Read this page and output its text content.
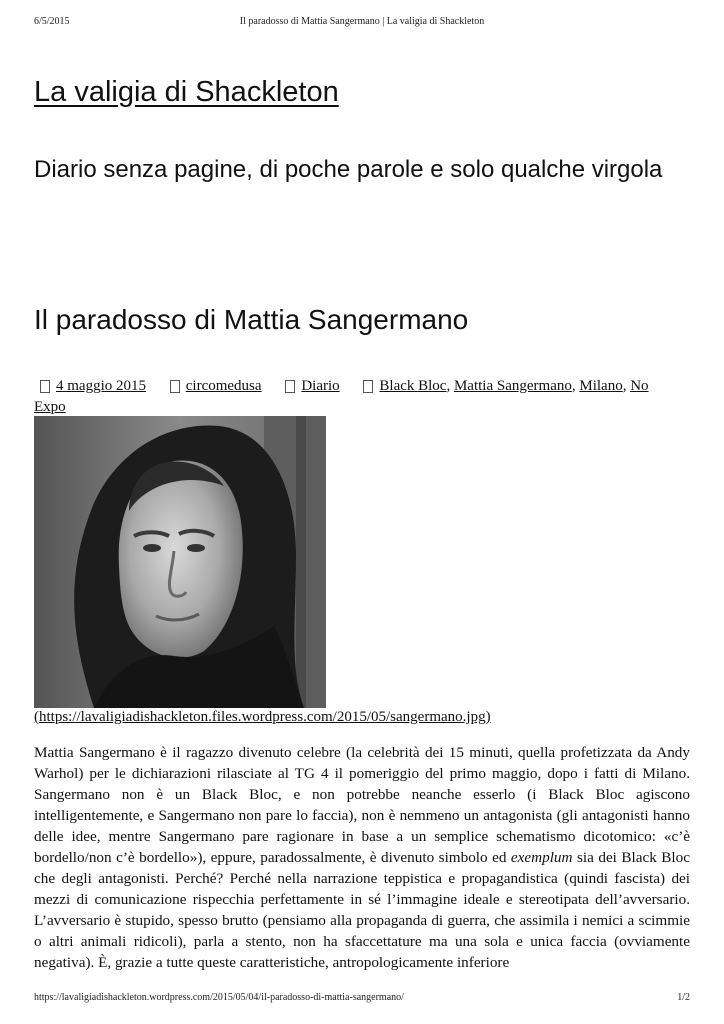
6/5/2015	Il paradosso di Mattia Sangermano | La valigia di Shackleton
La valigia di Shackleton
Diario senza pagine, di poche parole e solo qualche virgola
Il paradosso di Mattia Sangermano
4 maggio 2015	circomedusa	Diario	Black Bloc, Mattia Sangermano, Milano, No Expo
(https://lavaligiadishackleton.files.wordpress.com/2015/05/sangermano.jpg)

Mattia Sangermano è il ragazzo divenuto celebre (la celebrità dei 15 minuti, quella profetizzata da Andy Warhol) per le dichiarazioni rilasciate al TG 4 il pomeriggio del primo maggio, dopo i fatti di Milano. Sangermano non è un Black Bloc, e non potrebbe neanche esserlo (i Black Bloc agiscono intelligentemente, e Sangermano non pare lo faccia), non è nemmeno un antagonista (gli antagonisti hanno delle idee, mentre Sangermano pare ragionare in base a un semplice schematismo dicotomico: «c’è bordello/non c’è bordello»), eppure, paradossalmente, è divenuto simbolo ed exemplum sia dei Black Bloc che degli antagonisti. Perché? Perché nella narrazione teppistica e propagandistica (quindi fascista) dei mezzi di comunicazione rispecchia perfettamente in sé l’immagine ideale e stereotipata dell’avversario. L’avversario è stupido, spesso brutto (pensiamo alla propaganda di guerra, che assimila i nemici a scimmie o altri animali ridicoli), parla a stento, non ha sfaccettature ma una sola e unica faccia (ovviamente negativa). È, grazie a tutte queste caratteristiche, antropologicamente inferiore

https://lavaligiadishackleton.wordpress.com/2015/05/04/il-paradosso-di-mattia-sangermano/	1/2
